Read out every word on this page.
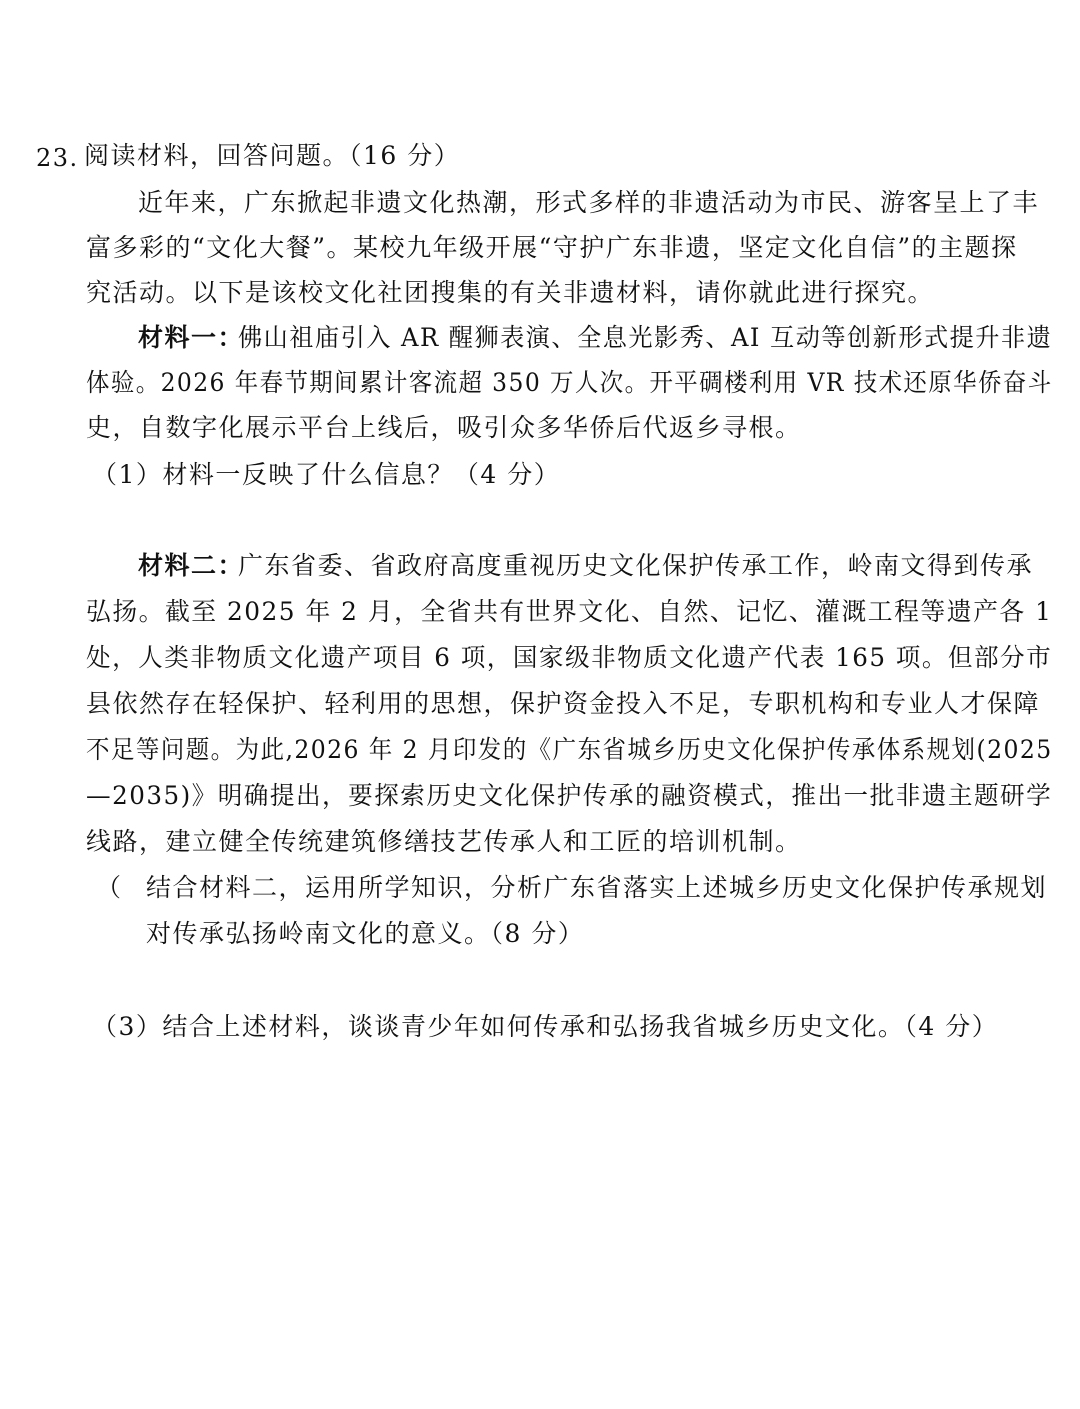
23. 阅读材料，回答问题。（16 分）
近年来，广东掀起非遗文化热潮，形式多样的非遗活动为市民、游客呈上了丰
富多彩的“文化大餐”。某校九年级开展“守护广东非遗，坚定文化自信”的主题探
究活动。以下是该校文化社团搜集的有关非遗材料，请你就此进行探究。
材料一：
佛山祖庙引入 AR 醒狮表演、全息光影秀、AI 互动等创新形式提升非遗
体验。2026 年春节期间累计客流超 350 万人次。开平碉楼利用 VR 技术还原华侨奋斗
史，自数字化展示平台上线后，吸引众多华侨后代返乡寻根。
（1）材料一反映了什么信息？（4 分）
材料二：
广东省委、省政府高度重视历史文化保护传承工作，岭南文得到传承
弘扬。截至 2025 年 2 月，全省共有世界文化、自然、记忆、灌溉工程等遗产各 1
处，人类非物质文化遗产项目 6 项，国家级非物质文化遗产代表 165 项。但部分市
县依然存在轻保护、轻利用的思想，保护资金投入不足，专职机构和专业人才保障
不足等问题。为此,2026 年 2 月印发的《广东省城乡历史文化保护传承体系规划(2025
—2035)》明确提出，要探索历史文化保护传承的融资模式，推出一批非遗主题研学
线路，建立健全传统建筑修缮技艺传承人和工匠的培训机制。
（ 结合材料二，运用所学知识，分析广东省落实上述城乡历史文化保护传承规划
对传承弘扬岭南文化的意义。（8 分）
（3）结合上述材料，谈谈青少年如何传承和弘扬我省城乡历史文化。（4 分）
